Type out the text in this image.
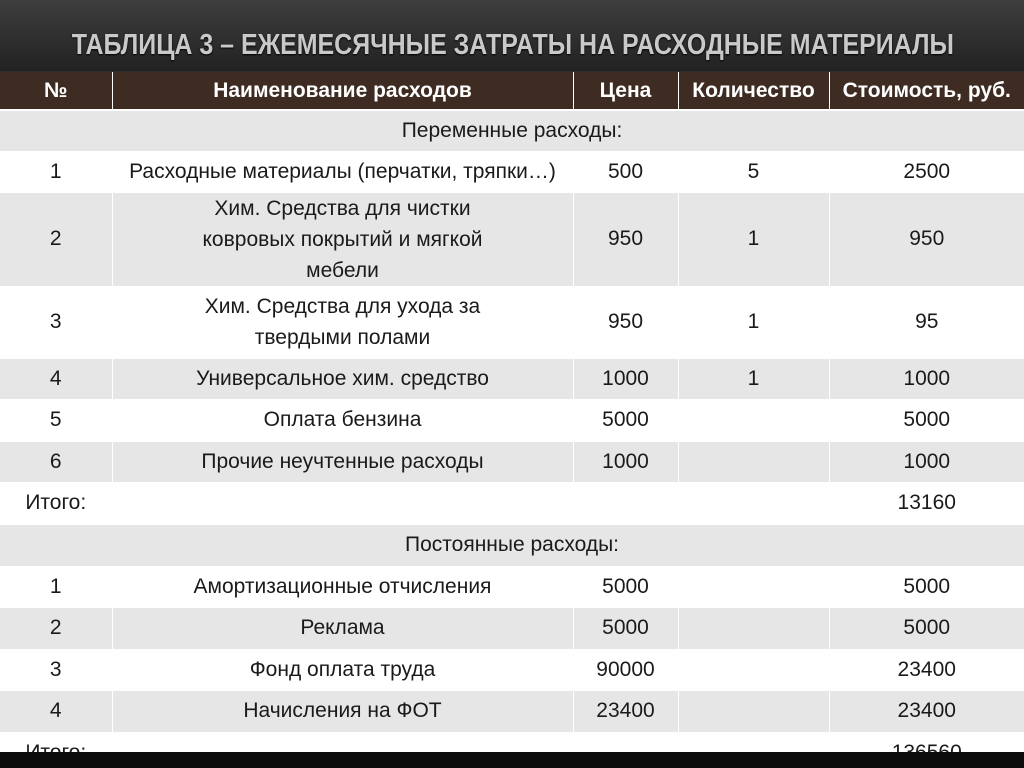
ТАБЛИЦА 3 – ЕЖЕМЕСЯЧНЫЕ ЗАТРАТЫ НА РАСХОДНЫЕ МАТЕРИАЛЫ
№	Наименование расходов	Цена	Количество	Стоимость, руб.
Переменные расходы:				
1	Расходные материалы (перчатки, тряпки…)	500	5	2500
2	Хим. Средства для чистки ковровых покрытий и мягкой мебели	950	1	950
3	Хим. Средства для ухода за твердыми полами	950	1	95
4	Универсальное хим. средство	1000	1	1000
5	Оплата бензина	5000		5000
6	Прочие неучтенные расходы	1000		1000
Итого:				13160
Постоянные расходы:				
1	Амортизационные отчисления	5000		5000
2	Реклама	5000		5000
3	Фонд оплата труда	90000		23400
4	Начисления на ФОТ	23400		23400
